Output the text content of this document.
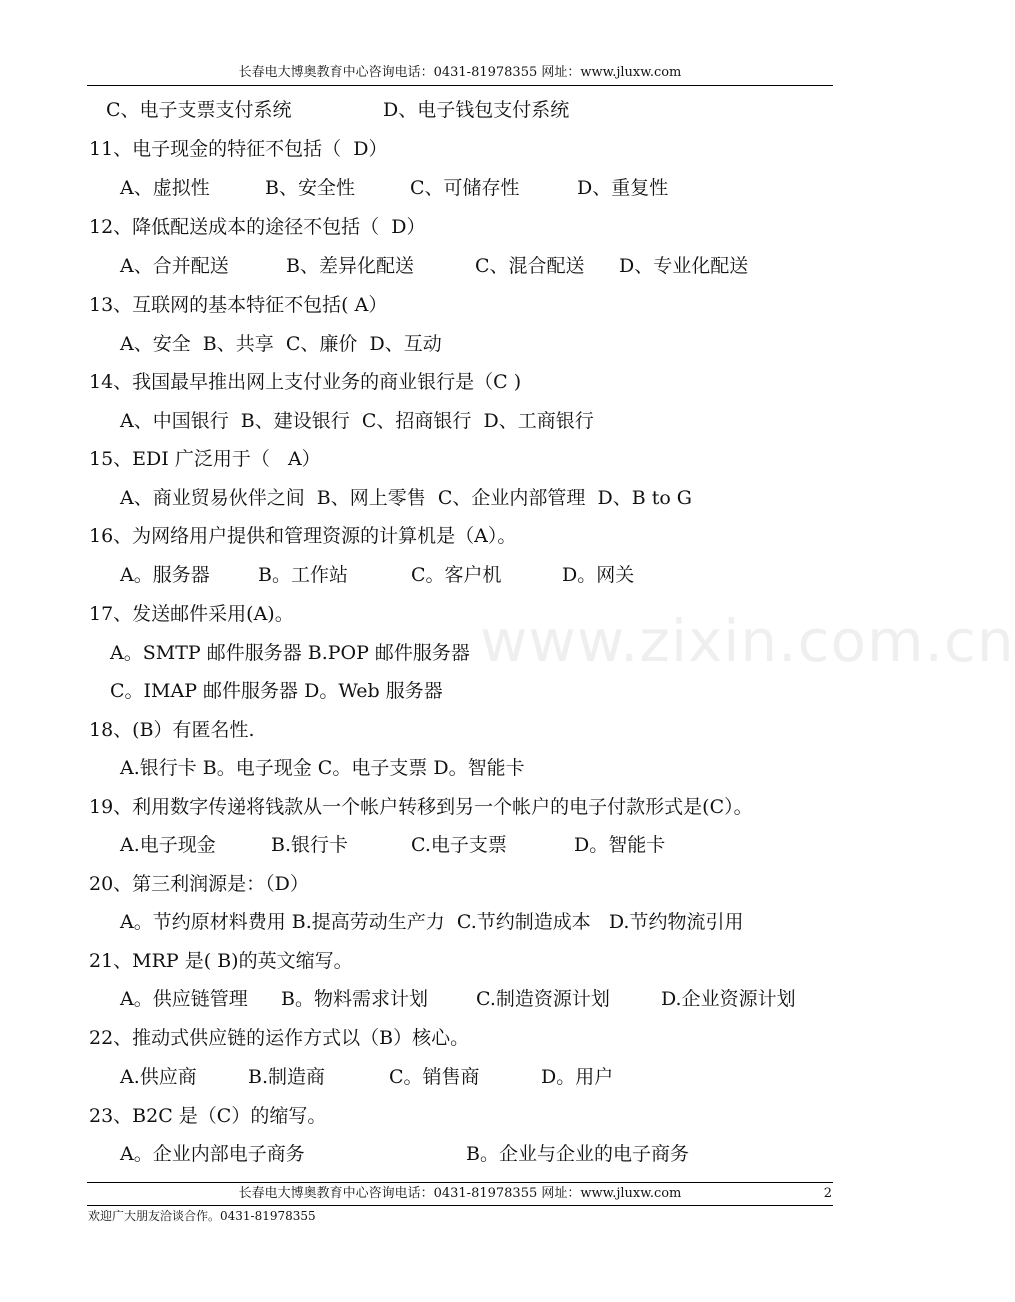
长春电大博奥教育中心咨询电话：0431-81978355 网址：www.jluxw.com
C、电子支票支付系统	D、电子钱包支付系统
11、电子现金的特征不包括（  D）
A、虚拟性	B、安全性	C、可储存性	D、重复性
12、降低配送成本的途径不包括（  D）
A、合并配送	B、差异化配送	C、混合配送 D、专业化配送
13、互联网的基本特征不包括( A）
A、安全  B、共享  C、廉价  D、互动
14、我国最早推出网上支付业务的商业银行是（C )
A、中国银行  B、建设银行  C、招商银行  D、工商银行
15、EDI 广泛用于（   A）
A、商业贸易伙伴之间  B、网上零售  C、企业内部管理  D、B to G
16、为网络用户提供和管理资源的计算机是（A）。
A。服务器	B。工作站	C。客户机	D。网关
17、发送邮件采用(A)。
A。SMTP 邮件服务器 B.POP 邮件服务器
C。IMAP 邮件服务器 D。Web 服务器
18、(B）有匿名性.
A.银行卡 B。电子现金 C。电子支票 D。智能卡
19、利用数字传递将钱款从一个帐户转移到另一个帐户的电子付款形式是(C）。
A.电子现金	B.银行卡	C.电子支票	D。智能卡
20、第三利润源是：（D）
A。节约原材料费用 B.提高劳动生产力  C.节约制造成本   D.节约物流引用
21、MRP 是( B)的英文缩写。
A。供应链管理 B。物料需求计划	C.制造资源计划	D.企业资源计划
22、推动式供应链的运作方式以（B）核心。
A.供应商	B.制造商	C。销售商	D。用户
23、B2C 是（C）的缩写。
A。企业内部电子商务	B。企业与企业的电子商务
www.zixin.com.cn
长春电大博奥教育中心咨询电话：0431-81978355 网址：www.jluxw.com	2
欢迎广大朋友洽谈合作。0431-81978355
